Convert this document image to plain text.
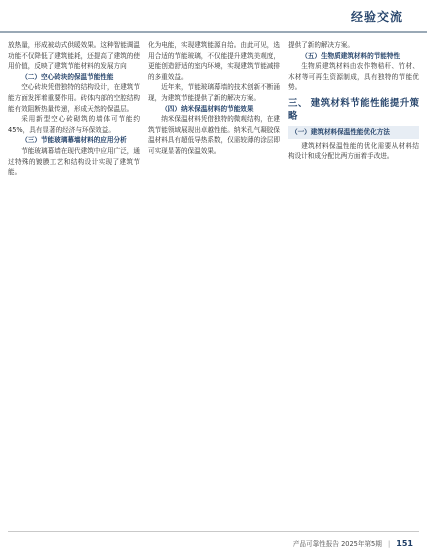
经验交流

放热量，形成被动式供暖效果。这种智能调温功能不仅降低了建筑能耗，还提高了建筑的使用价值，反映了建筑节能材料的发展方向

（二）空心砖块的保温节能性能

空心砖块凭借独特的结构设计，在建筑节能方面发挥着重要作用。砖体内部的空腔结构能有效阻断热量传递，形成天然的保温层。

采用新型空心砖砌筑的墙体可节能约45%，具有显著的经济与环保效益。

（三）节能玻璃幕墙材料的应用分析

节能玻璃幕墙在现代建筑中应用广泛，通过特殊的镀膜工艺和结构设计实现了建筑节能。

化为电能，实现建筑能源自给。由此可见，选用合适的节能玻璃，不仅能提升建筑美观度，更能创造舒适的室内环境，实现建筑节能减排的多重效益。

近年来，节能玻璃幕墙的技术创新不断涌现，为建筑节能提供了新的解决方案。

（四）纳米保温材料的节能效果

纳米保温材料凭借独特的微观结构，在建筑节能领域展现出卓越性能。纳米孔气凝胶保温材料具有超低导热系数，仅需较薄的涂层即可实现显著的保温效果。

提供了新的解决方案。

（五）生物质建筑材料的节能特性

生物质建筑材料由农作物秸秆、竹材、木材等可再生资源制成，具有独特的节能优势。

三、 建筑材料节能性能提升策略
（一）建筑材料保温性能优化方法

建筑材料保温性能的优化需要从材料结构设计和成分配比两方面着手改进。

产品可靠性报告 2025年第5期 | 151
